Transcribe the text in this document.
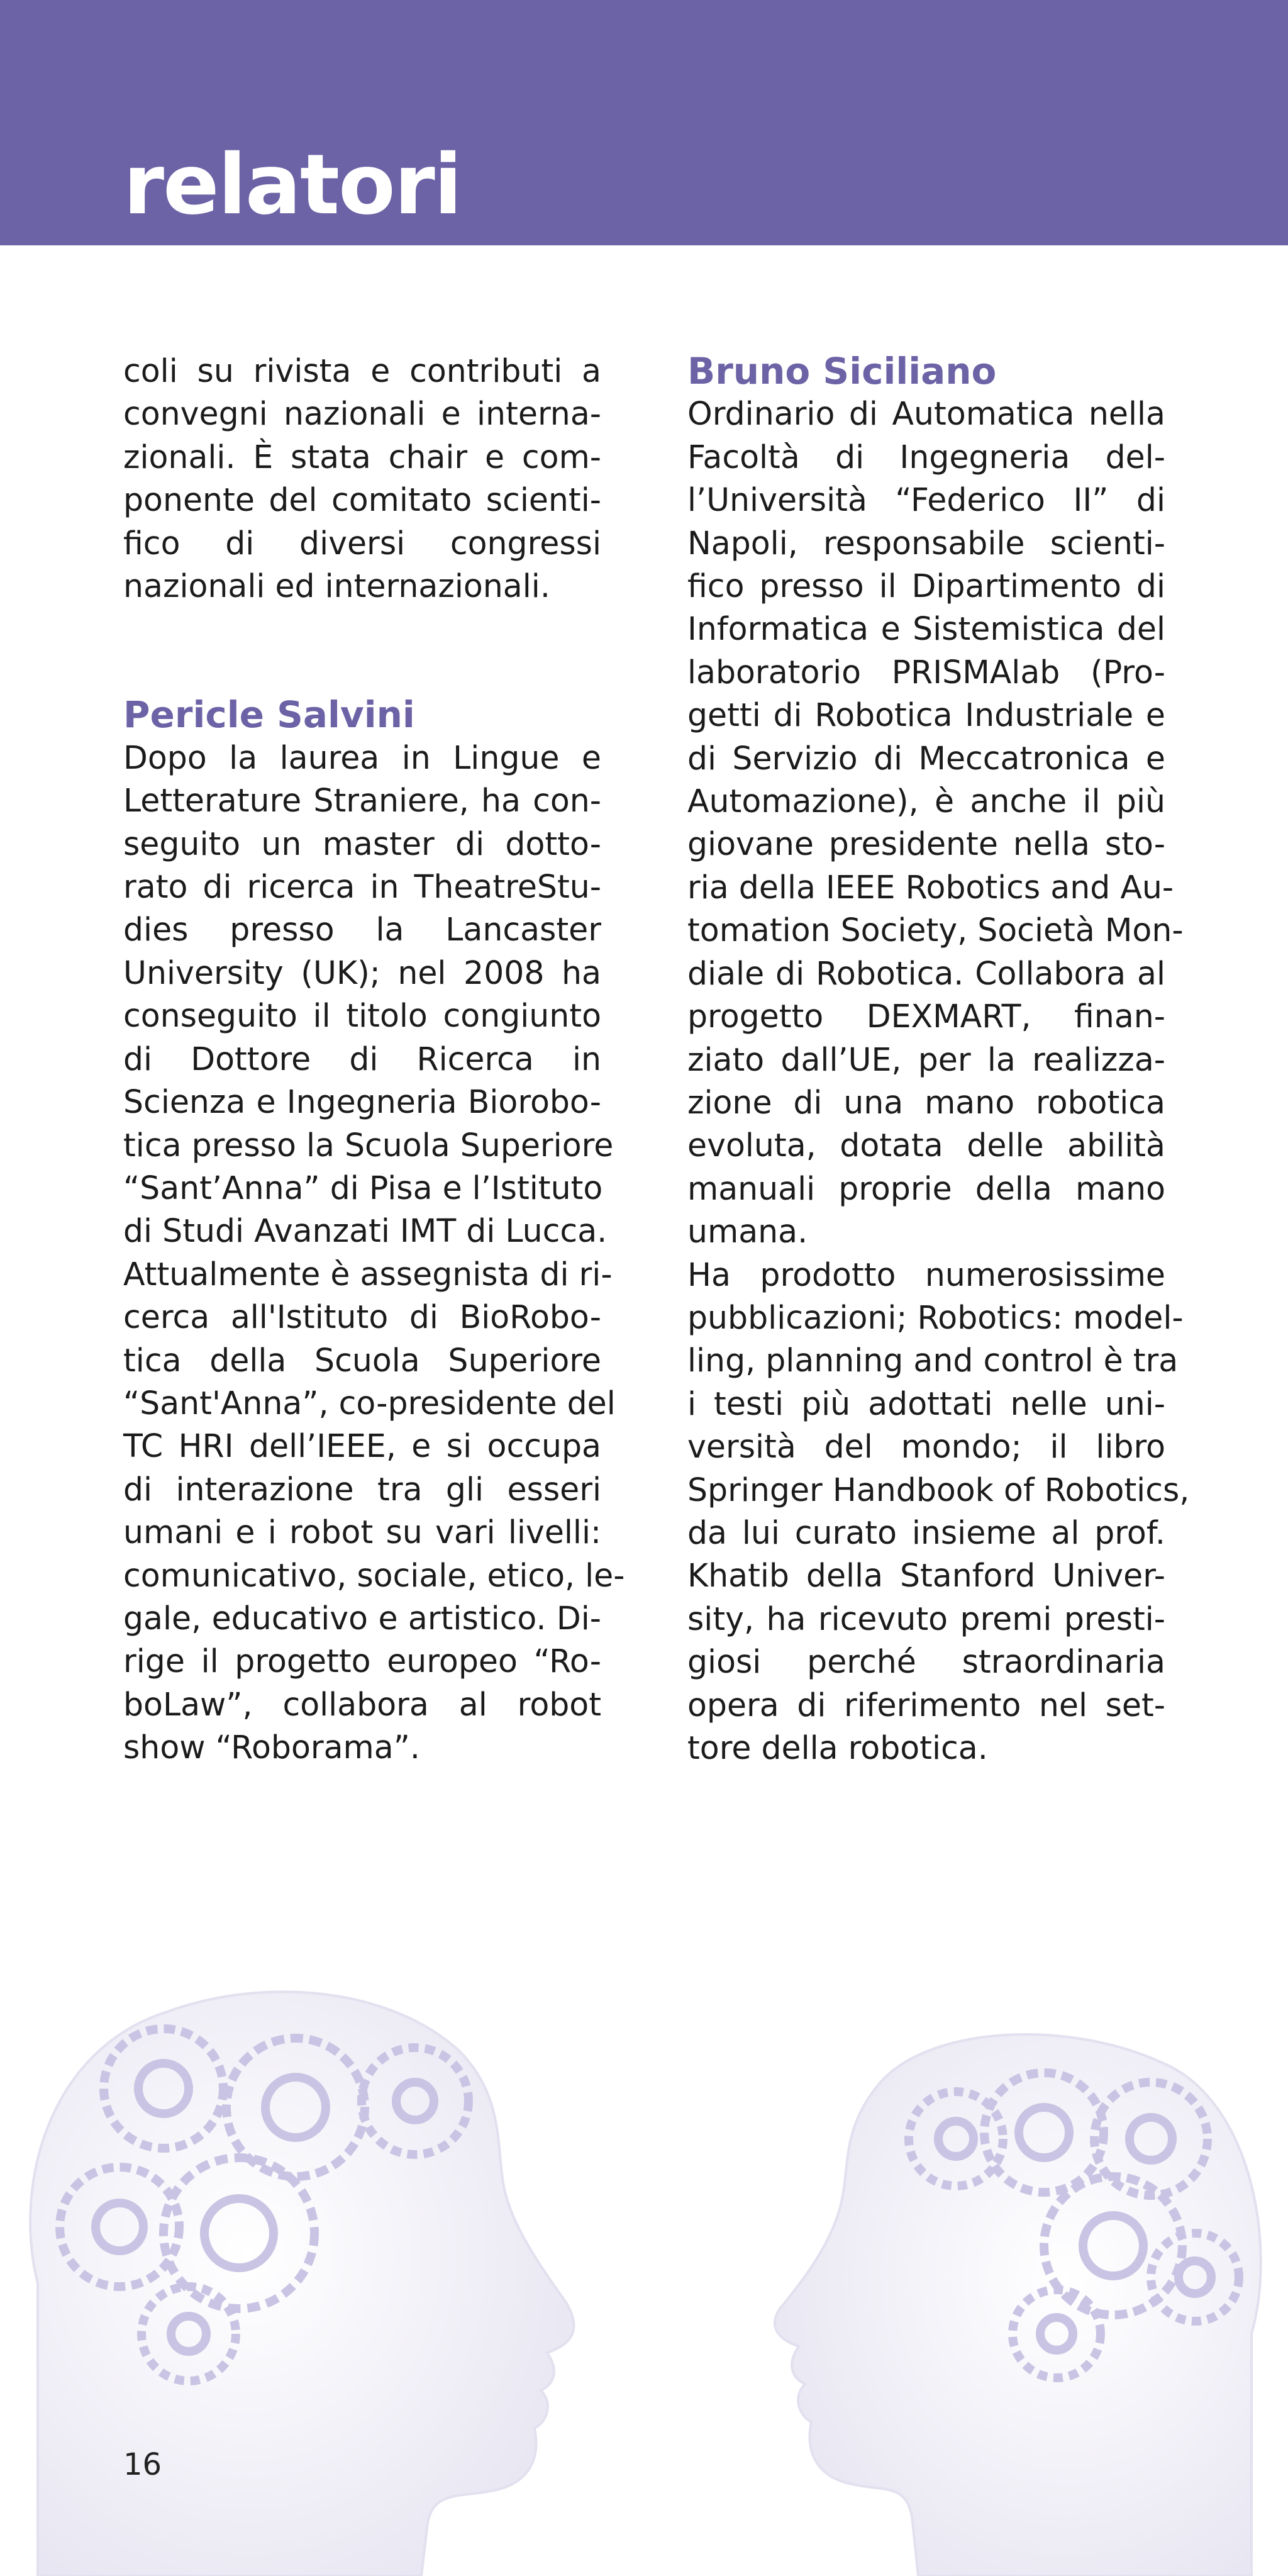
relatori

coli su rivista e contributi a
convegni nazionali e interna-
zionali. È stata chair e com-
ponente del comitato scienti-
fico di diversi congressi
nazionali ed internazionali.

Pericle Salvini

Dopo la laurea in Lingue e
Letterature Straniere, ha con-
seguito un master di dotto-
rato di ricerca in TheatreStu-
dies presso la Lancaster
University (UK); nel 2008 ha
conseguito il titolo congiunto
di Dottore di Ricerca in
Scienza e Ingegneria Biorobo-
tica presso la Scuola Superiore
“Sant’Anna” di Pisa e l’Istituto
di Studi Avanzati IMT di Lucca.
Attualmente è assegnista di ri-
cerca all'Istituto di BioRobo-
tica della Scuola Superiore
“Sant'Anna”, co-presidente del
TC HRI dell’IEEE, e si occupa
di interazione tra gli esseri
umani e i robot su vari livelli:
comunicativo, sociale, etico, le-
gale, educativo e artistico. Di-
rige il progetto europeo “Ro-
boLaw”, collabora al robot
show “Roborama”.

Bruno Siciliano

Ordinario di Automatica nella
Facoltà di Ingegneria del-
l’Università “Federico II” di
Napoli, responsabile scienti-
fico presso il Dipartimento di
Informatica e Sistemistica del
laboratorio PRISMAlab (Pro-
getti di Robotica Industriale e
di Servizio di Meccatronica e
Automazione), è anche il più
giovane presidente nella sto-
ria della IEEE Robotics and Au-
tomation Society, Società Mon-
diale di Robotica. Collabora al
progetto DEXMART, finan-
ziato dall’UE, per la realizza-
zione di una mano robotica
evoluta, dotata delle abilità
manuali proprie della mano
umana.

Ha prodotto numerosissime
pubblicazioni; Robotics: model-
ling, planning and control è tra
i testi più adottati nelle uni-
versità del mondo; il libro
Springer Handbook of Robotics,
da lui curato insieme al prof.
Khatib della Stanford Univer-
sity, ha ricevuto premi presti-
giosi perché straordinaria
opera di riferimento nel set-
tore della robotica.

16
